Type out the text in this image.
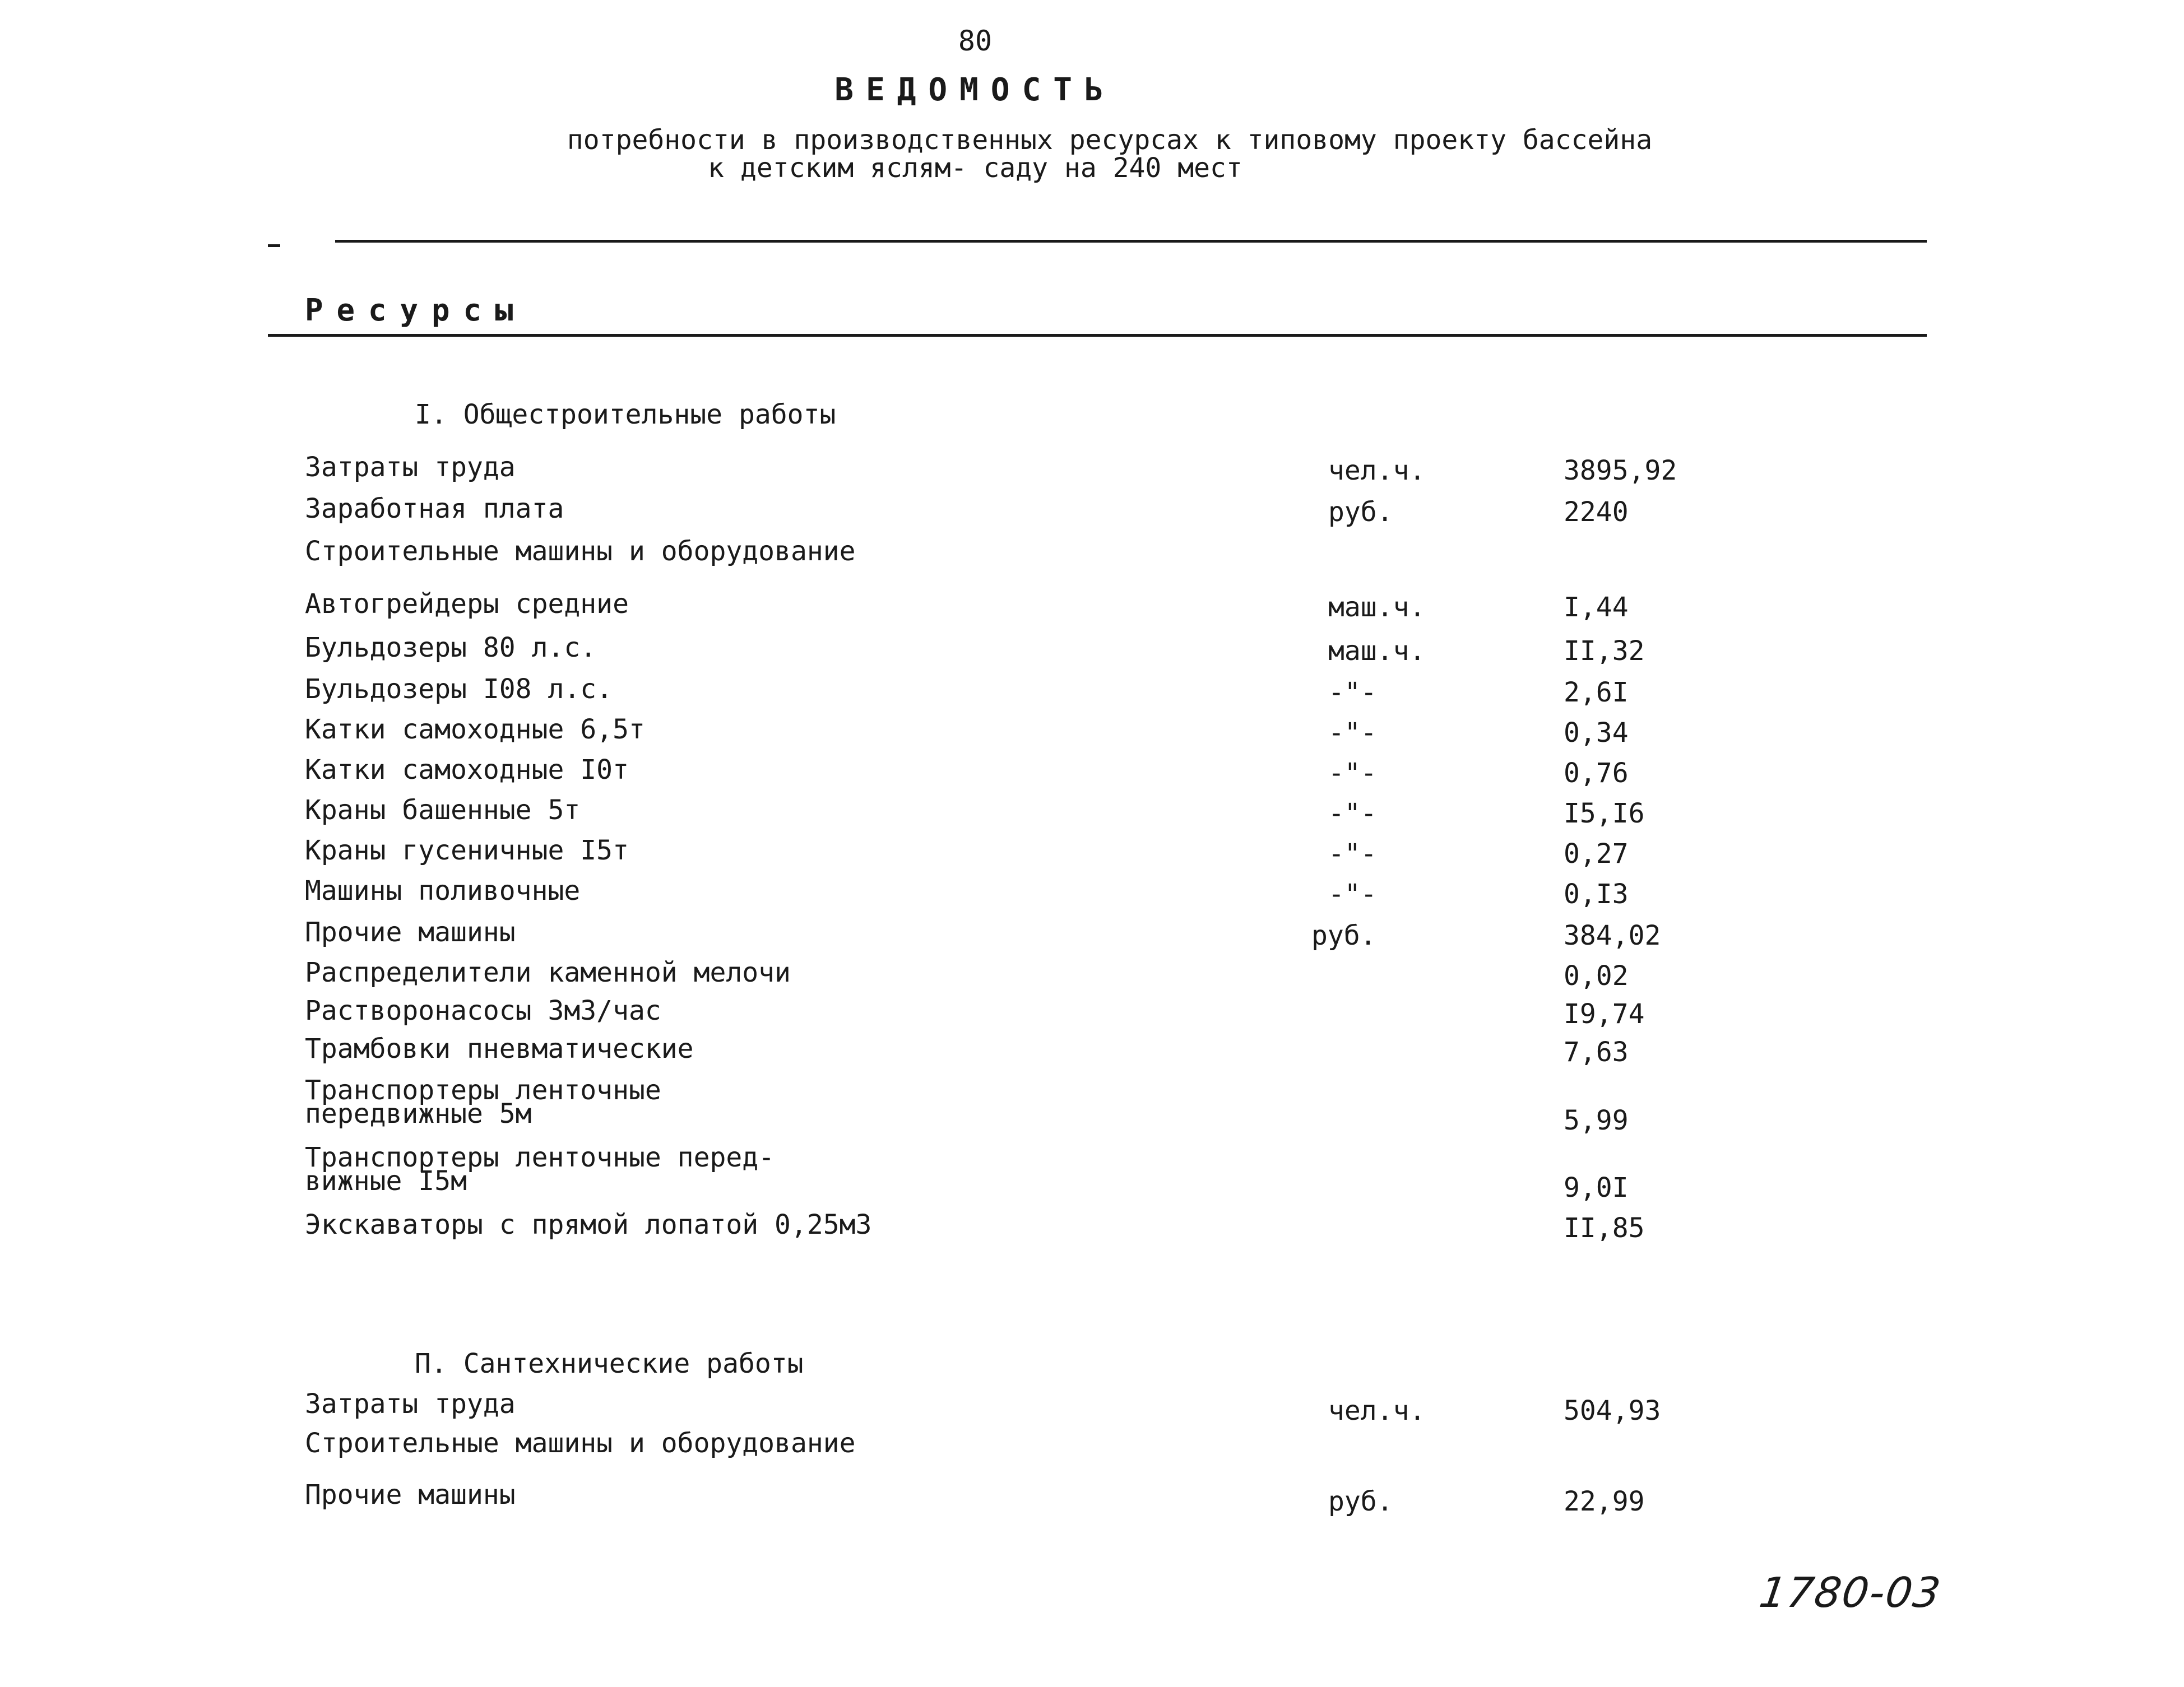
80
ВЕДОМОСТЬ
потребности в производственных ресурсах к типовому проекту бассейна
к детским яслям- саду на 240 мест
Ресурсы
I. Общестроительные работы
Затраты труда	чел.ч.	3895,92
Заработная плата	руб.	2240
Строительные машины и оборудование
Автогрейдеры средние	маш.ч.	I,44
Бульдозеры 80 л.с.	маш.ч.	II,32
Бульдозеры I08 л.с.	-"-	2,6I
Катки самоходные 6,5т	-"-	0,34
Катки самоходные I0т	-"-	0,76
Краны башенные 5т	-"-	I5,I6
Краны гусеничные I5т	-"-	0,27
Машины поливочные	-"-	0,I3
Прочие машины	руб.	384,02
Распределители каменной мелочи	0,02
Растворонасосы 3м3/час	I9,74
Трамбовки пневматические	7,63
Транспортеры ленточные
передвижные 5м	5,99
Транспортеры ленточные перед-
вижные I5м	9,0I
Экскаваторы с прямой лопатой 0,25м3	II,85
П. Сантехнические работы
Затраты труда	чел.ч.	504,93
Строительные машины и оборудование
Прочие машины	руб.	22,99
1780-03
